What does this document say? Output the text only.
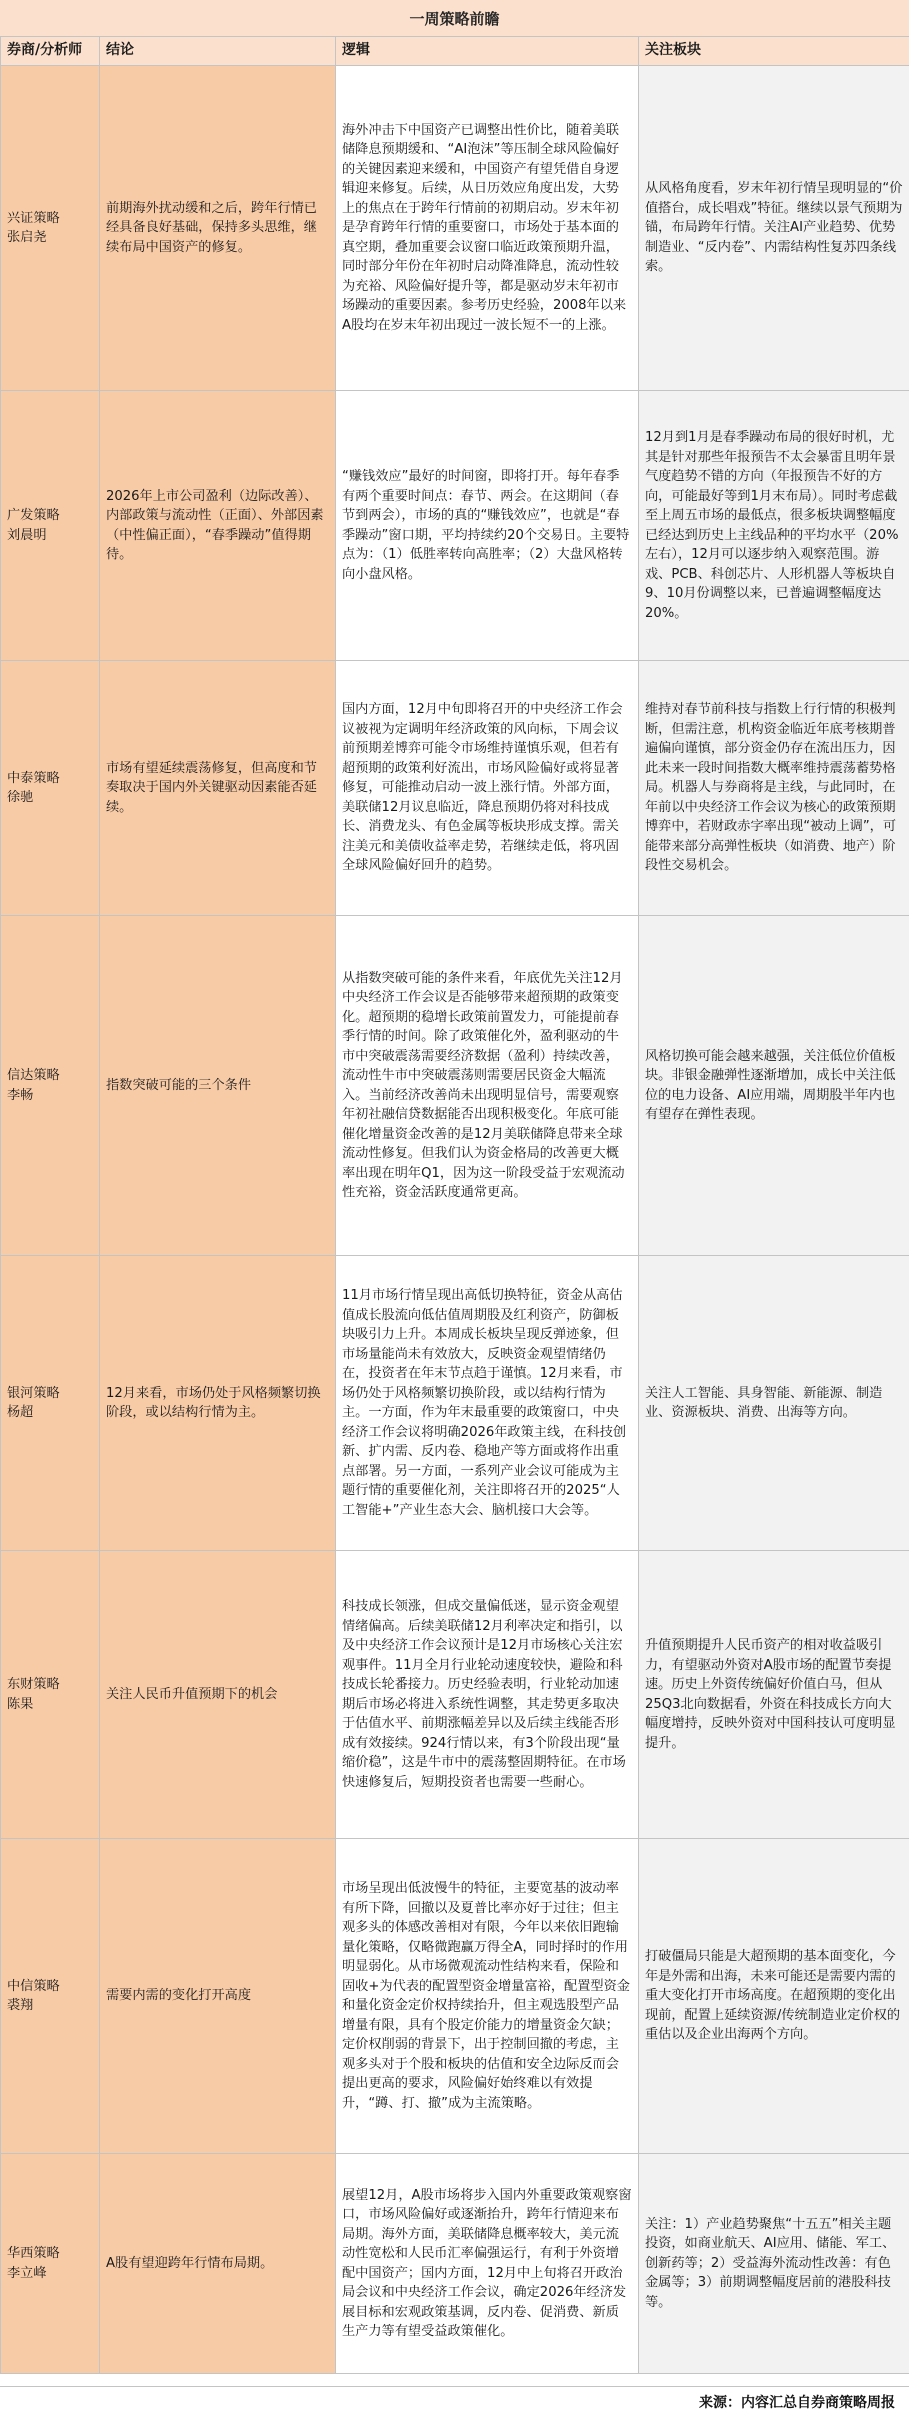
一周策略前瞻
券商/分析师	结论	逻辑	关注板块

兴证策略
张启尧	前期海外扰动缓和之后，跨年行情已经具备良好基础，保持多头思维，继续布局中国资产的修复。	海外冲击下中国资产已调整出性价比，随着美联储降息预期缓和、“AI泡沫”等压制全球风险偏好的关键因素迎来缓和，中国资产有望凭借自身逻辑迎来修复。后续，从日历效应角度出发，大势上的焦点在于跨年行情前的初期启动。岁末年初是孕育跨年行情的重要窗口，市场处于基本面的真空期，叠加重要会议窗口临近政策预期升温，同时部分年份在年初时启动降准降息，流动性较为充裕、风险偏好提升等，都是驱动岁末年初市场躁动的重要因素。参考历史经验，2008年以来A股均在岁末年初出现过一波长短不一的上涨。	从风格角度看，岁末年初行情呈现明显的“价值搭台，成长唱戏”特征。继续以景气预期为锚，布局跨年行情。关注AI产业趋势、优势制造业、“反内卷”、内需结构性复苏四条线索。

广发策略
刘晨明	2026年上市公司盈利（边际改善）、内部政策与流动性（正面）、外部因素（中性偏正面），“春季躁动”值得期待。	“赚钱效应”最好的时间窗，即将打开。每年春季有两个重要时间点：春节、两会。在这期间（春节到两会），市场的真的“赚钱效应”，也就是“春季躁动”窗口期，平均持续约20个交易日。主要特点为：（1）低胜率转向高胜率；（2）大盘风格转向小盘风格。	12月到1月是春季躁动布局的很好时机，尤其是针对那些年报预告不太会暴雷且明年景气度趋势不错的方向（年报预告不好的方向，可能最好等到1月末布局）。同时考虑截至上周五市场的最低点，很多板块调整幅度已经达到历史上主线品种的平均水平（20%左右），12月可以逐步纳入观察范围。游戏、PCB、科创芯片、人形机器人等板块自9、10月份调整以来，已普遍调整幅度达20%。

中泰策略
徐驰	市场有望延续震荡修复，但高度和节奏取决于国内外关键驱动因素能否延续。	国内方面，12月中旬即将召开的中央经济工作会议被视为定调明年经济政策的风向标，下周会议前预期差博弈可能令市场维持谨慎乐观，但若有超预期的政策利好流出，市场风险偏好或将显著修复，可能推动启动一波上涨行情。外部方面，美联储12月议息临近，降息预期仍将对科技成长、消费龙头、有色金属等板块形成支撑。需关注美元和美债收益率走势，若继续走低，将巩固全球风险偏好回升的趋势。	维持对春节前科技与指数上行行情的积极判断，但需注意，机构资金临近年底考核期普遍偏向谨慎，部分资金仍存在流出压力，因此未来一段时间指数大概率维持震荡蓄势格局。机器人与券商将是主线，与此同时，在年前以中央经济工作会议为核心的政策预期博弈中，若财政赤字率出现“被动上调”，可能带来部分高弹性板块（如消费、地产）阶段性交易机会。

信达策略
李畅	指数突破可能的三个条件	从指数突破可能的条件来看，年底优先关注12月中央经济工作会议是否能够带来超预期的政策变化。超预期的稳增长政策前置发力，可能提前春季行情的时间。除了政策催化外，盈利驱动的牛市中突破震荡需要经济数据（盈利）持续改善，流动性牛市中突破震荡则需要居民资金大幅流入。当前经济改善尚未出现明显信号，需要观察年初社融信贷数据能否出现积极变化。年底可能催化增量资金改善的是12月美联储降息带来全球流动性修复。但我们认为资金格局的改善更大概率出现在明年Q1，因为这一阶段受益于宏观流动性充裕，资金活跃度通常更高。	风格切换可能会越来越强，关注低位价值板块。非银金融弹性逐渐增加，成长中关注低位的电力设备、AI应用端，周期股半年内也有望存在弹性表现。

银河策略
杨超	12月来看，市场仍处于风格频繁切换阶段，或以结构行情为主。	11月市场行情呈现出高低切换特征，资金从高估值成长股流向低估值周期股及红利资产，防御板块吸引力上升。本周成长板块呈现反弹迹象，但市场量能尚未有效放大，反映资金观望情绪仍在，投资者在年末节点趋于谨慎。12月来看，市场仍处于风格频繁切换阶段，或以结构行情为主。一方面，作为年末最重要的政策窗口，中央经济工作会议将明确2026年政策主线，在科技创新、扩内需、反内卷、稳地产等方面或将作出重点部署。另一方面，一系列产业会议可能成为主题行情的重要催化剂，关注即将召开的2025“人工智能+”产业生态大会、脑机接口大会等。	关注人工智能、具身智能、新能源、制造业、资源板块、消费、出海等方向。

东财策略
陈果	关注人民币升值预期下的机会	科技成长领涨，但成交量偏低迷，显示资金观望情绪偏高。后续美联储12月利率决定和指引，以及中央经济工作会议预计是12月市场核心关注宏观事件。11月全月行业轮动速度较快，避险和科技成长轮番接力。历史经验表明，行业轮动加速期后市场必将进入系统性调整，其走势更多取决于估值水平、前期涨幅差异以及后续主线能否形成有效接续。924行情以来，有3个阶段出现“量缩价稳”，这是牛市中的震荡整固期特征。在市场快速修复后，短期投资者也需要一些耐心。	升值预期提升人民币资产的相对收益吸引力，有望驱动外资对A股市场的配置节奏提速。历史上外资传统偏好价值白马，但从25Q3北向数据看，外资在科技成长方向大幅度增持，反映外资对中国科技认可度明显提升。

中信策略
裘翔	需要内需的变化打开高度	市场呈现出低波慢牛的特征，主要宽基的波动率有所下降，回撤以及夏普比率亦好于过往；但主观多头的体感改善相对有限，今年以来依旧跑输量化策略，仅略微跑赢万得全A，同时择时的作用明显弱化。从市场微观流动性结构来看，保险和固收+为代表的配置型资金增量富裕，配置型资金和量化资金定价权持续抬升，但主观选股型产品增量有限，具有个股定价能力的增量资金欠缺；定价权削弱的背景下，出于控制回撤的考虑，主观多头对于个股和板块的估值和安全边际反而会提出更高的要求，风险偏好始终难以有效提升，“蹲、打、撤”成为主流策略。	打破僵局只能是大超预期的基本面变化，今年是外需和出海，未来可能还是需要内需的重大变化打开市场高度。在超预期的变化出现前，配置上延续资源/传统制造业定价权的重估以及企业出海两个方向。

华西策略
李立峰	A股有望迎跨年行情布局期。	展望12月，A股市场将步入国内外重要政策观察窗口，市场风险偏好或逐渐抬升，跨年行情迎来布局期。海外方面，美联储降息概率较大，美元流动性宽松和人民币汇率偏强运行，有利于外资增配中国资产；国内方面，12月中上旬将召开政治局会议和中央经济工作会议，确定2026年经济发展目标和宏观政策基调，反内卷、促消费、新质生产力等有望受益政策催化。	关注：1）产业趋势聚焦“十五五”相关主题投资，如商业航天、AI应用、储能、军工、创新药等；2）受益海外流动性改善：有色金属等；3）前期调整幅度居前的港股科技等。
来源：内容汇总自券商策略周报
